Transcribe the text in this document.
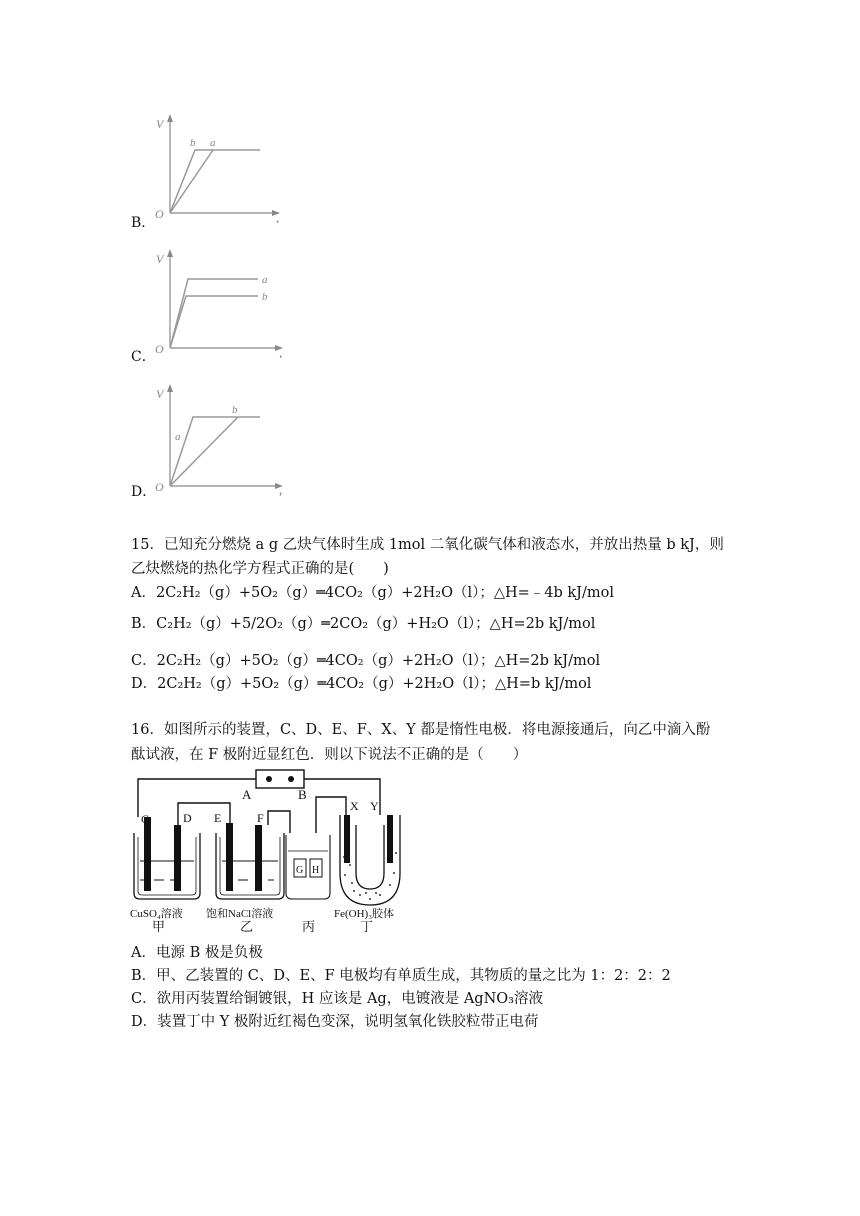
B．
V
t
O
b a
C．
V
t
O
a
b
D．
V
t
O
a
b
15．已知充分燃烧 a g 乙炔气体时生成 1mol 二氧化碳气体和液态水，并放出热量 b kJ，则
乙炔燃烧的热化学方程式正确的是(　　)
A．2C₂H₂（g）+5O₂（g）═4CO₂（g）+2H₂O（l）；△H=﹣4b kJ/mol
B．C₂H₂（g）+5/2O₂（g）═2CO₂（g）+H₂O（l）；△H=2b kJ/mol
C．2C₂H₂（g）+5O₂（g）═4CO₂（g）+2H₂O（l）；△H=2b kJ/mol
D．2C₂H₂（g）+5O₂（g）═4CO₂（g）+2H₂O（l）；△H=b kJ/mol
16．如图所示的装置，C、D、E、F、X、Y 都是惰性电极．将电源接通后，向乙中滴入酚
酞试液，在 F 极附近显红色．则以下说法不正确的是（　　）
A	B
C	D E	F
G H
X Y
CuSO₄溶液
甲
饱和NaCl溶液
乙	丙
Fe(OH)₃胶体
丁
A．电源 B 极是负极
B．甲、乙装置的 C、D、E、F 电极均有单质生成，其物质的量之比为 1：2：2：2
C．欲用丙装置给铜镀银，H 应该是 Ag，电镀液是 AgNO₃溶液
D．装置丁中 Y 极附近红褐色变深，说明氢氧化铁胶粒带正电荷
